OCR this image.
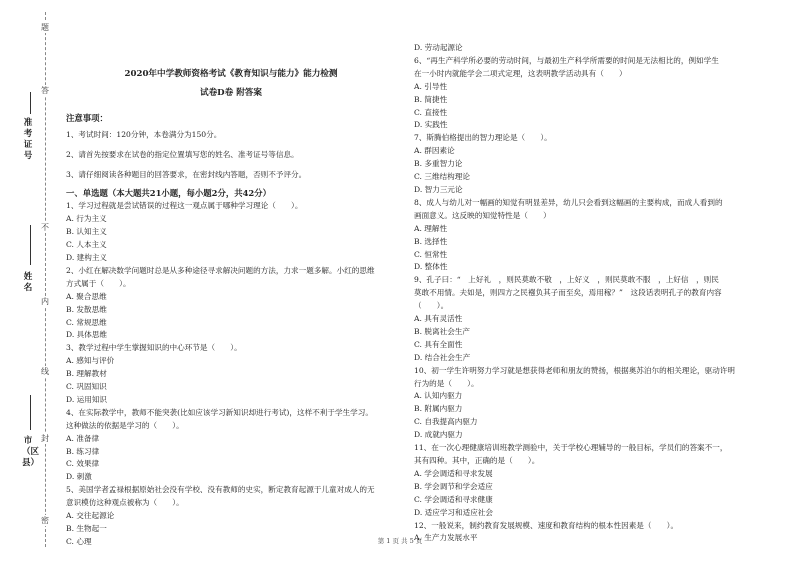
题
答
不
内
线
封
密
准考证号
姓名
市（区县）

2020年中学教师资格考试《教育知识与能力》能力检测

试卷D卷 附答案

注意事项：

1、考试时间：120分钟，本卷满分为150分。

2、请首先按要求在试卷的指定位置填写您的姓名、准考证号等信息。

3、请仔细阅读各种题目的回答要求，在密封线内答题，否则不予评分。

一、单选题（本大题共21小题，每小题2分，共42分）

1、学习过程就是尝试错误的过程这一观点属于哪种学习理论（　　）。

A. 行为主义

B. 认知主义

C. 人本主义

D. 建构主义

2、小红在解决数学问题时总是从多种途径寻求解决问题的方法，力求一题多解。小红的思维

方式属于（　　）。

A. 聚合思维

B. 发散思维

C. 常规思维

D. 具体思维

3、教学过程中学生掌握知识的中心环节是（　　）。

A. 感知与评价

B. 理解教材

C. 巩固知识

D. 运用知识

4、在实际教学中，教师不能突袭(比如应该学习新知识却进行考试)，这样不利于学生学习。

这种做法的依据是学习的（　　）。

A. 准备律

B. 练习律

C. 效果律

D. 刺激

5、美国学者孟禄根据原始社会没有学校、没有教师的史实，断定教育起源于儿童对成人的无

意识模仿这种观点被称为（　　）。

A. 交往起源论

B. 生物起一

C. 心理

D. 劳动起源论

6、“再生产科学所必要的劳动时间，与最初生产科学所需要的时间是无法相比的，例如学生

在一小时内就能学会二项式定理，这表明教学活动具有（　　）

A. 引导性

B. 简捷性

C. 直接性

D. 实践性

7、斯腾伯格提出的智力理论是（　　）。

A. 群因素论

B. 多重智力论

C. 三维结构理论

D. 智力三元论

8、成人与幼儿对一幅画的知觉有明显差异，幼儿只会看到这幅画的主要构成，而成人看到的

画面意义。这反映的知觉特性是（　　）

A. 理解性

B. 选择性

C. 恒常性

D. 整体性

9、孔子曰：“　上好礼　，则民莫敢不敬　，上好义　，则民莫敢不服　，上好信　，则民

莫敢不用情。夫如是，则四方之民襁负其子而至矣，焉用稼？”　这段话表明孔子的教育内容

（　　）。

A. 具有灵活性

B. 脱离社会生产

C. 具有全面性

D. 结合社会生产

10、初一学生许明努力学习就是想获得老师和朋友的赞扬，根据奥苏泊尔的相关理论，驱动许明

行为的是（　　）。

A. 认知内驱力

B. 附属内驱力

C. 自我提高内驱力

D. 成就内驱力

11、在一次心理健康培训班教学测验中，关于学校心理辅导的一般目标，学员们的答案不一，

其有四种。其中，正确的是（　　）。

A. 学会调适和寻求发展

B. 学会调节和学会适应

C. 学会调适和寻求健康

D. 适应学习和适应社会

12、一般说来，制约教育发展规模、速度和教育结构的根本性因素是（　　）。

A. 生产力发展水平

第 1 页 共 5 页
